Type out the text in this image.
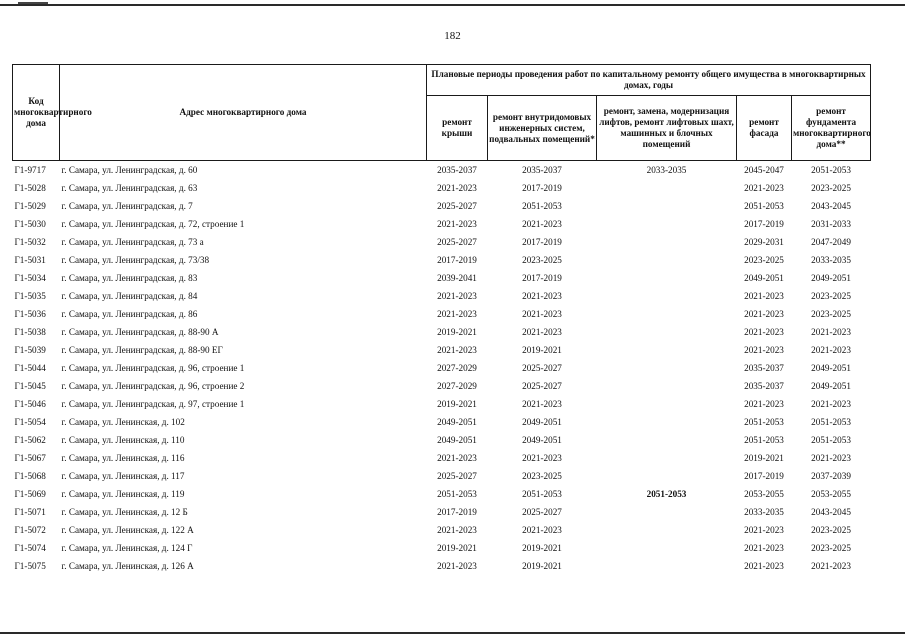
182
Код многоквартирного дома	Адрес многоквартирного дома	Плановые периоды проведения работ по капитальному ремонту общего имущества в многоквартирных домах, годы				
		ремонт крыши	ремонт внутридомовых инженерных систем, подвальных помещений*	ремонт, замена, модернизация лифтов, ремонт лифтовых шахт, машинных и блочных помещений	ремонт фасада	ремонт фундамента многоквартирного дома**
Г1-9717	г. Самара, ул. Ленинградская, д. 60	2035-2037	2035-2037	2033-2035	2045-2047	2051-2053
Г1-5028	г. Самара, ул. Ленинградская, д. 63	2021-2023	2017-2019		2021-2023	2023-2025
Г1-5029	г. Самара, ул. Ленинградская, д. 7	2025-2027	2051-2053		2051-2053	2043-2045
Г1-5030	г. Самара, ул. Ленинградская, д. 72, строение 1	2021-2023	2021-2023		2017-2019	2031-2033
Г1-5032	г. Самара, ул. Ленинградская, д. 73 а	2025-2027	2017-2019		2029-2031	2047-2049
Г1-5031	г. Самара, ул. Ленинградская, д. 73/38	2017-2019	2023-2025		2023-2025	2033-2035
Г1-5034	г. Самара, ул. Ленинградская, д. 83	2039-2041	2017-2019		2049-2051	2049-2051
Г1-5035	г. Самара, ул. Ленинградская, д. 84	2021-2023	2021-2023		2021-2023	2023-2025
Г1-5036	г. Самара, ул. Ленинградская, д. 86	2021-2023	2021-2023		2021-2023	2023-2025
Г1-5038	г. Самара, ул. Ленинградская, д. 88-90 А	2019-2021	2021-2023		2021-2023	2021-2023
Г1-5039	г. Самара, ул. Ленинградская, д. 88-90 ЕГ	2021-2023	2019-2021		2021-2023	2021-2023
Г1-5044	г. Самара, ул. Ленинградская, д. 96, строение 1	2027-2029	2025-2027		2035-2037	2049-2051
Г1-5045	г. Самара, ул. Ленинградская, д. 96, строение 2	2027-2029	2025-2027		2035-2037	2049-2051
Г1-5046	г. Самара, ул. Ленинградская, д. 97, строение 1	2019-2021	2021-2023		2021-2023	2021-2023
Г1-5054	г. Самара, ул. Ленинская, д. 102	2049-2051	2049-2051		2051-2053	2051-2053
Г1-5062	г. Самара, ул. Ленинская, д. 110	2049-2051	2049-2051		2051-2053	2051-2053
Г1-5067	г. Самара, ул. Ленинская, д. 116	2021-2023	2021-2023		2019-2021	2021-2023
Г1-5068	г. Самара, ул. Ленинская, д. 117	2025-2027	2023-2025		2017-2019	2037-2039
Г1-5069	г. Самара, ул. Ленинская, д. 119	2051-2053	2051-2053	2051-2053	2053-2055	2053-2055
Г1-5071	г. Самара, ул. Ленинская, д. 12 Б	2017-2019	2025-2027		2033-2035	2043-2045
Г1-5072	г. Самара, ул. Ленинская, д. 122 А	2021-2023	2021-2023		2021-2023	2023-2025
Г1-5074	г. Самара, ул. Ленинская, д. 124 Г	2019-2021	2019-2021		2021-2023	2023-2025
Г1-5075	г. Самара, ул. Ленинская, д. 126 А	2021-2023	2019-2021		2021-2023	2021-2023
